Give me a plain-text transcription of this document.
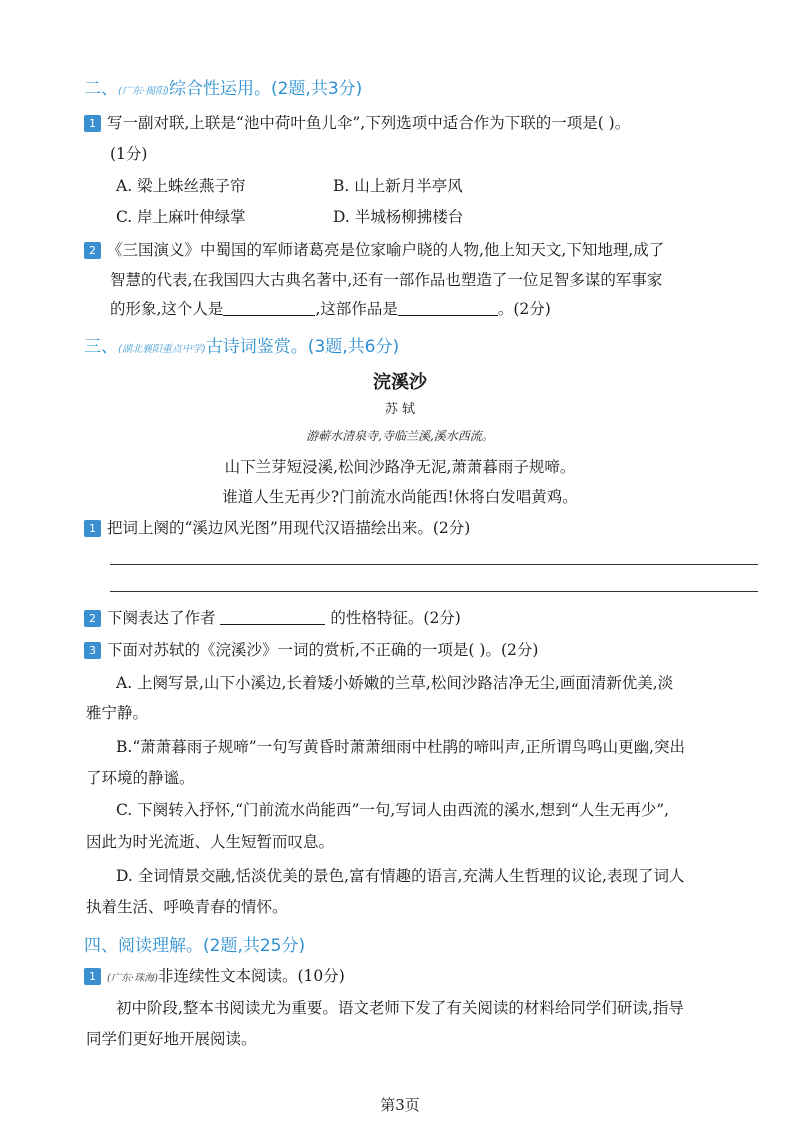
二、(广东·揭阳)综合性运用。(2题,共3分)
1 写一副对联,上联是“池中荷叶鱼儿伞”,下列选项中适合作为下联的一项是( )。
(1分)
A. 梁上蛛丝燕子帘	B. 山上新月半亭风
C. 岸上麻叶伸绿掌	D. 半城杨柳拂楼台
2 《三国演义》中蜀国的军师诸葛亮是位家喻户晓的人物,他上知天文,下知地理,成了
智慧的代表,在我国四大古典名著中,还有一部作品也塑造了一位足智多谋的军事家
的形象,这个人是	,这部作品是	。(2分)
三、(湖北襄阳重点中学)古诗词鉴赏。(3题,共6分)
浣溪沙
苏 轼
游蕲水清泉寺,寺临兰溪,溪水西流。
山下兰芽短浸溪,松间沙路净无泥,萧萧暮雨子规啼。
谁道人生无再少?门前流水尚能西!休将白发唱黄鸡。
1 把词上阕的“溪边风光图”用现代汉语描绘出来。(2分)
2 下阕表达了作者	的性格特征。(2分)
3 下面对苏轼的《浣溪沙》一词的赏析,不正确的一项是( )。(2分)
A. 上阕写景,山下小溪边,长着矮小娇嫩的兰草,松间沙路洁净无尘,画面清新优美,淡
雅宁静。
B.“萧萧暮雨子规啼”一句写黄昏时萧萧细雨中杜鹃的啼叫声,正所谓鸟鸣山更幽,突出
了环境的静谧。
C. 下阕转入抒怀,“门前流水尚能西”一句,写词人由西流的溪水,想到“人生无再少”,
因此为时光流逝、人生短暂而叹息。
D. 全词情景交融,恬淡优美的景色,富有情趣的语言,充满人生哲理的议论,表现了词人
执着生活、呼唤青春的情怀。
四、阅读理解。(2题,共25分)
1 (广东·珠海)非连续性文本阅读。(10分)
初中阶段,整本书阅读尤为重要。语文老师下发了有关阅读的材料给同学们研读,指导
同学们更好地开展阅读。
第3页
